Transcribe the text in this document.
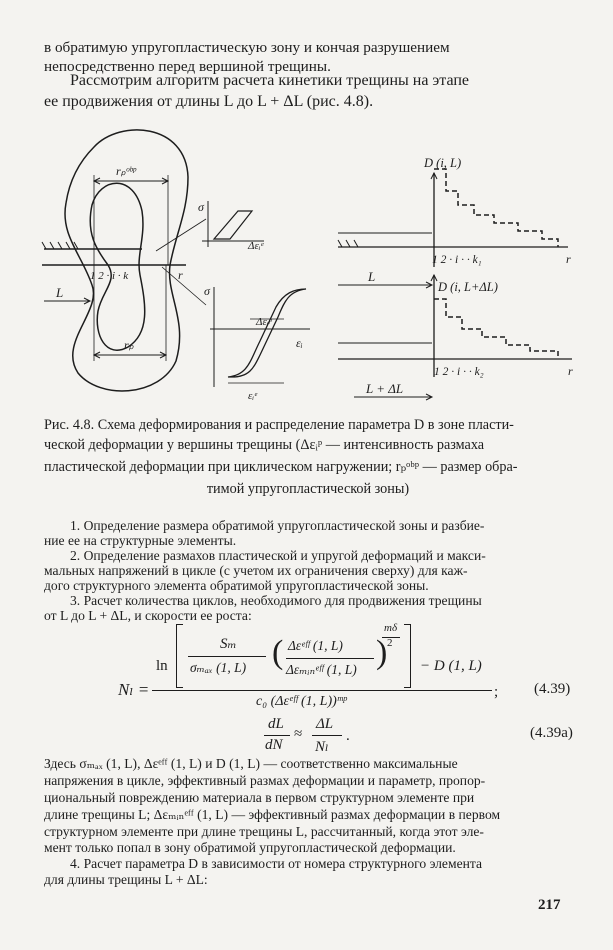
в обратимую упругопластическую зону и кончая разрушением

непосредственно перед вершиной трещины.

Рассмотрим алгоритм расчета кинетики трещины на этапе

ее продвижения от длины L до L + ΔL (рис. 4.8).

rₚᵒᵇᵖ
1 2 · i · k	r
L
rₚ
σ
Δεᵢᵉ
σ
Δεᵢᵖ
εᵢ
εᵢᵉ
D (i, L)
1 2 · i · · k₁	r
L
D (i, L+ΔL)
1 2 · i · · k₂	r
L + ΔL

Рис. 4.8. Схема деформирования и распределение параметра D в зоне пласти-

ческой деформации у вершины трещины (Δεᵢᵖ — интенсивность размаха

пластической деформации при циклическом нагружении; rₚᵒᵇᵖ — размер обра-

тимой упругопластической зоны)

1. Определение размера обратимой упругопластической зоны и разбие-

ние ее на структурные элементы.

2. Определение размахов пластической и упругой деформаций и макси-

мальных напряжений в цикле (с учетом их ограничения сверху) для каж-

дого структурного элемента обратимой упругопластической зоны.

3. Расчет количества циклов, необходимого для продвижения трещины

от L до L + ΔL, и скорости ее роста:

Nₗ =
ln
Sₘ
σₘₐₓ (1, L) ( Δεᵉᶠᶠ (1, L)
Δεₘᵢₙᵉᶠᶠ (1, L) )
mδ
2
− D (1, L)
c₀ (Δεᵉᶠᶠ (1, L))ᵐᵖ
; (4.39)
dL
dN
≈
ΔL
Nₗ
.	(4.39a)

Здесь σₘₐₓ (1, L), Δεᵉᶠᶠ (1, L) и D (1, L) — соответственно максимальные

напряжения в цикле, эффективный размах деформации и параметр, пропор-

циональный повреждению материала в первом структурном элементе при

длине трещины L; Δεₘᵢₙᵉᶠᶠ (1, L) — эффективный размах деформации в первом

структурном элементе при длине трещины L, рассчитанный, когда этот эле-

мент только попал в зону обратимой упругопластической деформации.

4. Расчет параметра D в зависимости от номера структурного элемента

для длины трещины L + ΔL:

217
